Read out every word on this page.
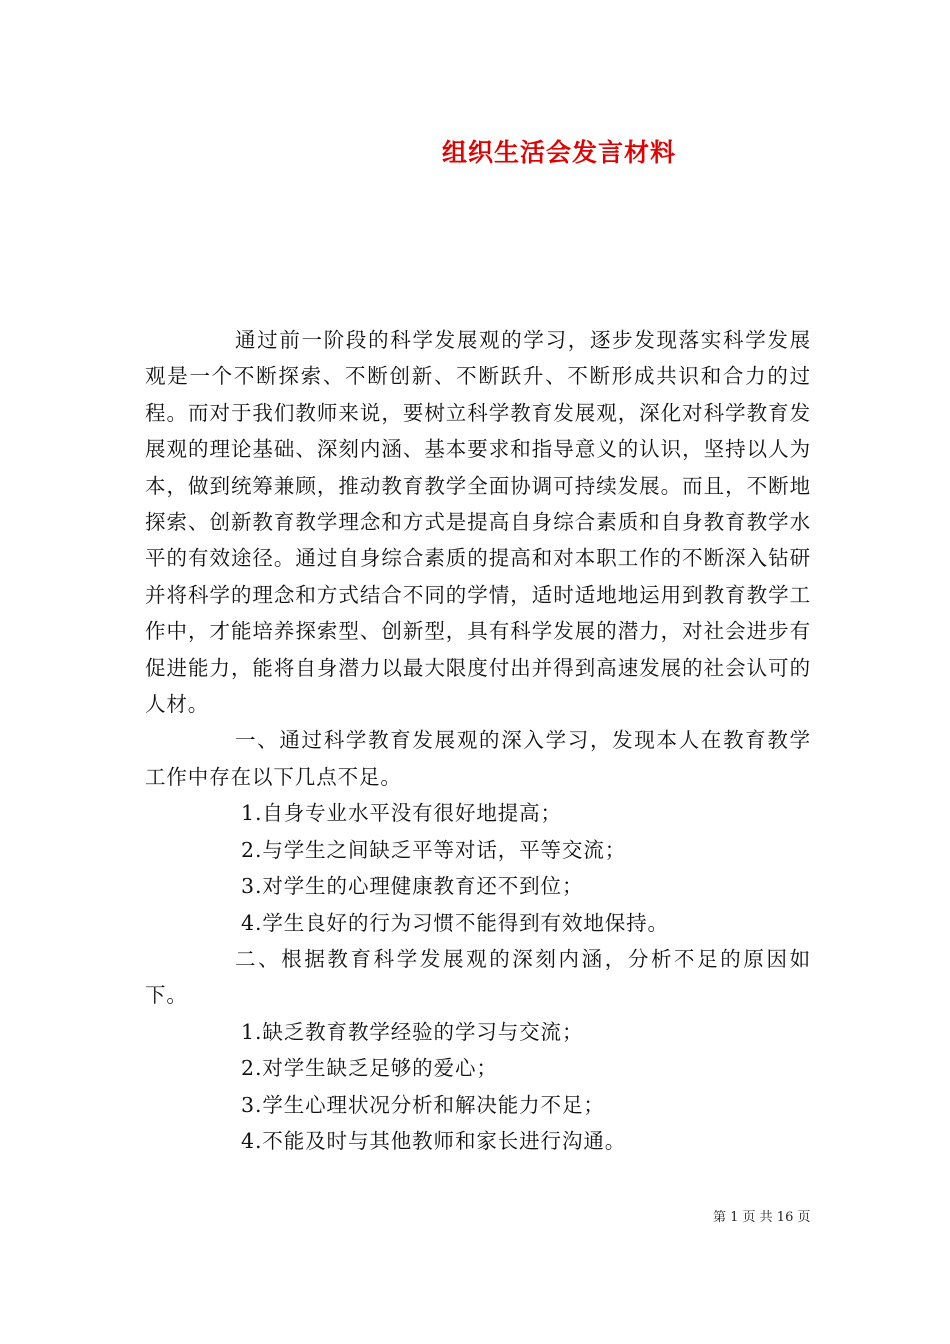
组织生活会发言材料

通过前一阶段的科学发展观的学习，逐步发现落实科学发展观是一个不断探索、不断创新、不断跃升、不断形成共识和合力的过程。而对于我们教师来说，要树立科学教育发展观，深化对科学教育发展观的理论基础、深刻内涵、基本要求和指导意义的认识，坚持以人为本，做到统筹兼顾，推动教育教学全面协调可持续发展。而且，不断地探索、创新教育教学理念和方式是提高自身综合素质和自身教育教学水平的有效途径。通过自身综合素质的提高和对本职工作的不断深入钻研并将科学的理念和方式结合不同的学情，适时适地地运用到教育教学工作中，才能培养探索型、创新型，具有科学发展的潜力，对社会进步有促进能力，能将自身潜力以最大限度付出并得到高速发展的社会认可的人材。

一、通过科学教育发展观的深入学习，发现本人在教育教学工作中存在以下几点不足。

1.自身专业水平没有很好地提高；

2.与学生之间缺乏平等对话，平等交流；

3.对学生的心理健康教育还不到位；

4.学生良好的行为习惯不能得到有效地保持。

二、根据教育科学发展观的深刻内涵，分析不足的原因如下。

1.缺乏教育教学经验的学习与交流；

2.对学生缺乏足够的爱心；

3.学生心理状况分析和解决能力不足；

4.不能及时与其他教师和家长进行沟通。

第 1 页 共 16 页
